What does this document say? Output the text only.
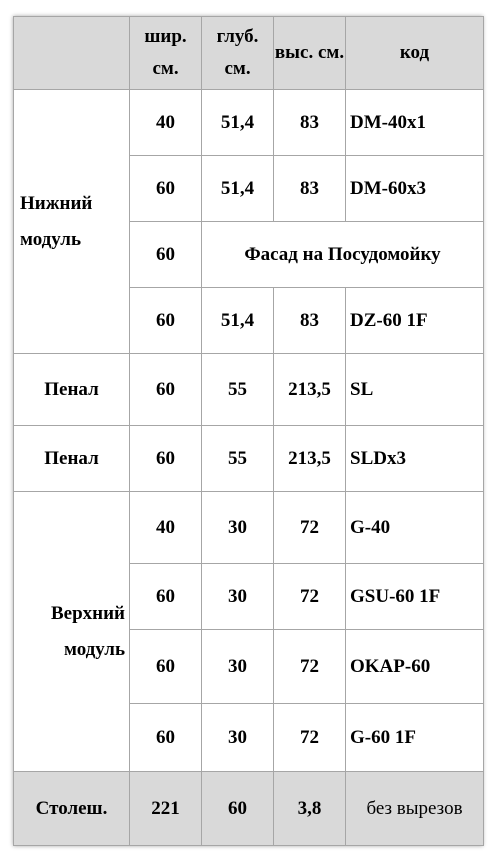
	шир. см.	глуб. см.	выс. см.	код
Нижний модуль	40	51,4	83	DM-40x1
	60	51,4	83	DM-60x3
	60	Фасад на Посудомойку		
	60	51,4	83	DZ-60 1F
Пенал	60	55	213,5	SL
Пенал	60	55	213,5	SLDx3
Верхний модуль	40	30	72	G-40
	60	30	72	GSU-60 1F
	60	30	72	OKAP-60
	60	30	72	G-60 1F
Столеш.	221	60	3,8	без вырезов
